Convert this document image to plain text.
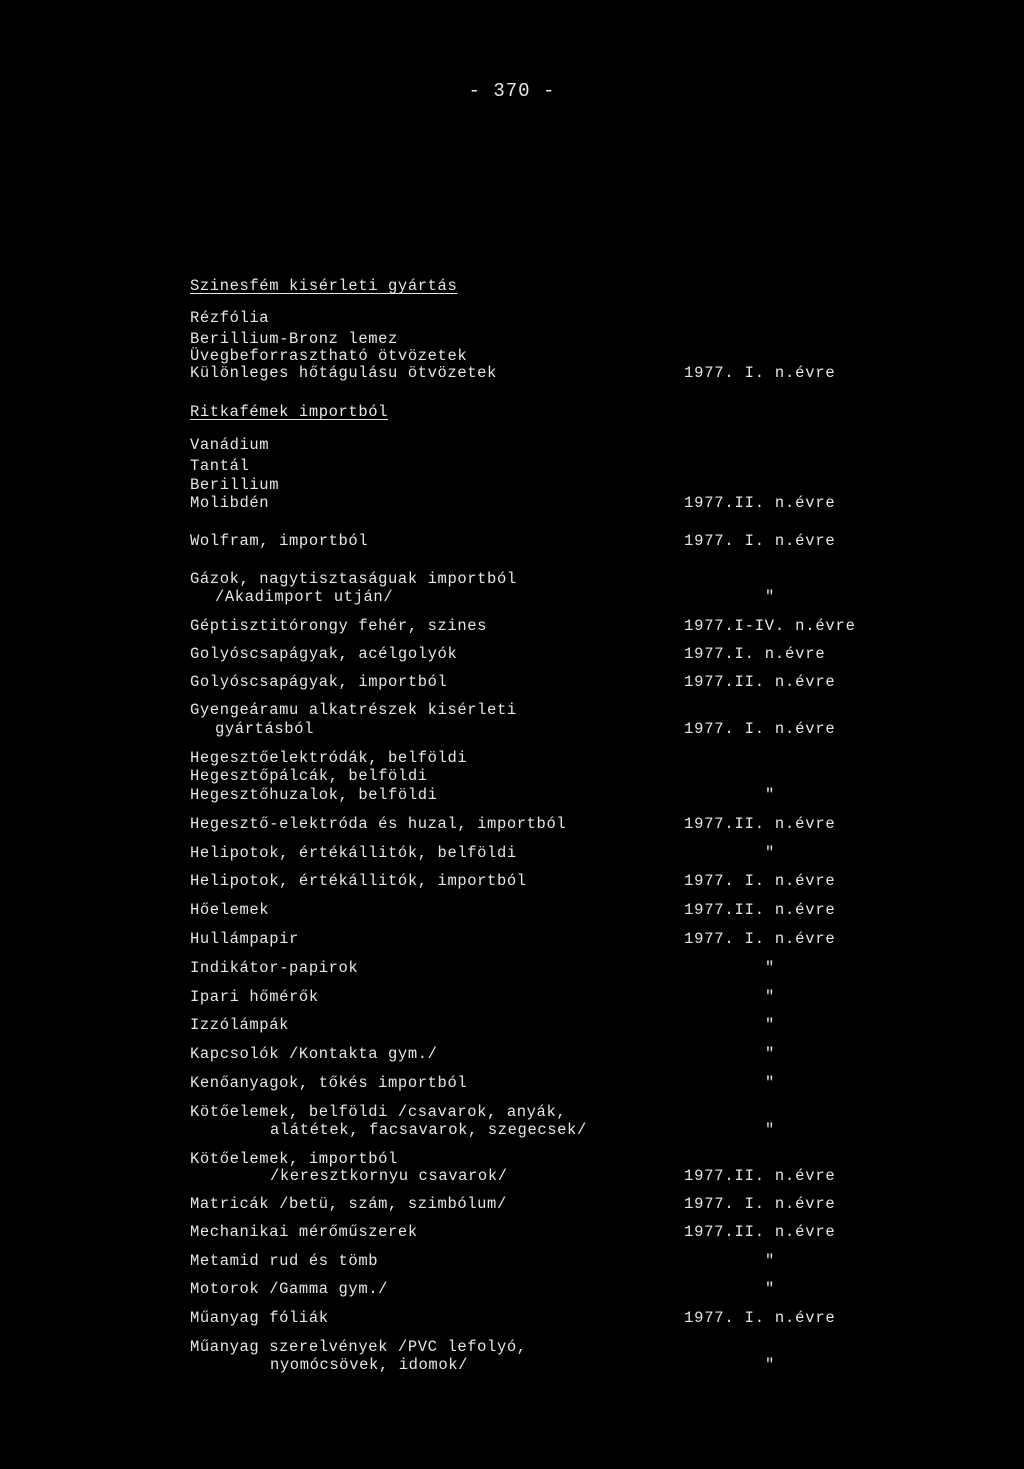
- 370 -
Szinesfém kisérleti gyártás
Rézfólia
Berillium-Bronz lemez
Üvegbeforrasztható ötvözetek
Különleges hőtágulásu ötvözetek	1977. I. n.évre
Ritkafémek importból
Vanádium
Tantál
Berillium
Molibdén	1977.II. n.évre
Wolfram, importból	1977. I. n.évre
Gázok, nagytisztaságuak importból
/Akadimport utján/	"
Géptisztitórongy fehér, szines	1977.I-IV. n.évre
Golyóscsapágyak, acélgolyók	1977.I. n.évre
Golyóscsapágyak, importból	1977.II. n.évre
Gyengeáramu alkatrészek kisérleti
gyártásból	1977. I. n.évre
Hegesztőelektródák, belföldi
Hegesztőpálcák, belföldi
Hegesztőhuzalok, belföldi	"
Hegesztő-elektróda és huzal, importból	1977.II. n.évre
Helipotok, értékállitók, belföldi	"
Helipotok, értékállitók, importból	1977. I. n.évre
Hőelemek	1977.II. n.évre
Hullámpapir	1977. I. n.évre
Indikátor-papirok	"
Ipari hőmérők	"
Izzólámpák	"
Kapcsolók /Kontakta gym./	"
Kenőanyagok, tőkés importból	"
Kötőelemek, belföldi /csavarok, anyák,
alátétek, facsavarok, szegecsek/	"
Kötőelemek, importból
/keresztkornyu csavarok/	1977.II. n.évre
Matricák /betü, szám, szimbólum/	1977. I. n.évre
Mechanikai mérőműszerek	1977.II. n.évre
Metamid rud és tömb	"
Motorok /Gamma gym./	"
Műanyag fóliák	1977. I. n.évre
Műanyag szerelvények /PVC lefolyó,
nyomócsövek, idomok/	"
